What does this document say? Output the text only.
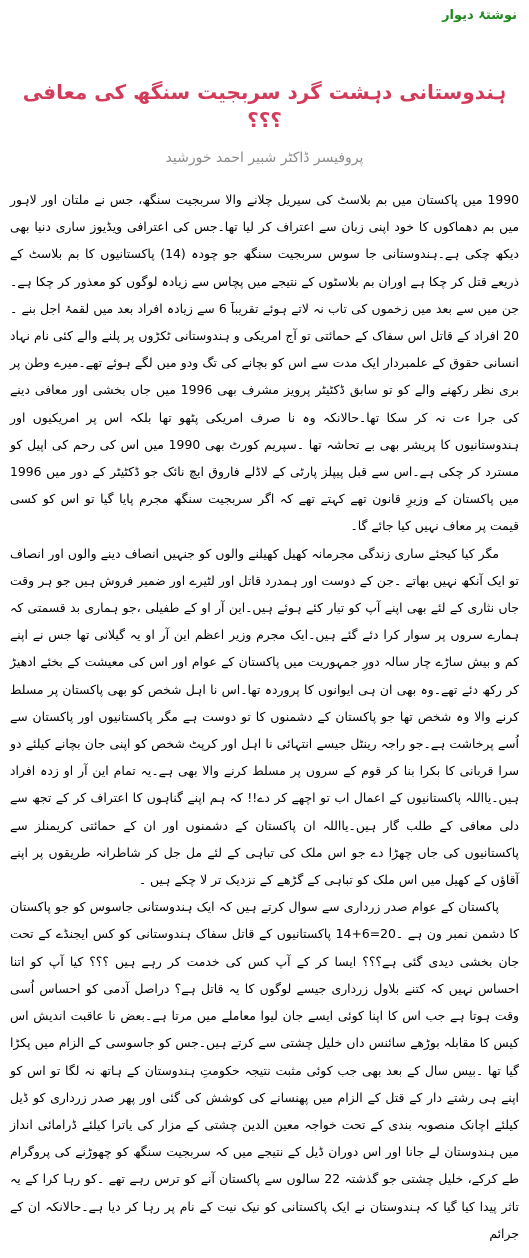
نوشتۂ دیوار
ہندوستانی دہشت گرد سربجیت سنگھ کی معافی ؟؟؟
پروفیسر ڈاکٹر شبیر احمد خورشید

1990 میں پاکستان میں بم بلاسٹ کی سیریل چلانے والا سربجیت سنگھ، جس نے ملتان اور لاہور میں بم دھماکوں کا خود اپنی زبان سے اعتراف کر لیا تھا۔جس کی اعترافی ویڈیوز ساری دنیا بھی دیکھ چکی ہے۔ہندوستانی جا سوس سربجیت سنگھ جو چودہ (14) پاکستانیوں کا بم بلاسٹ کے ذریعے قتل کر چکا ہے اوران بم بلاسٹوں کے نتیجے میں پچاس سے زیادہ لوگوں کو معذور کر چکا ہے۔جن میں سے بعد میں زخموں کی تاب نہ لاتے ہوئے تقریباََ 6 سے زیادہ افراد بعد میں لقمۂ اجل بنے ۔20 افراد کے قاتل اس سفاک کے حمائتی تو آج امریکی و ہندوستانی ٹکڑوں پر پلنے والے کئی نام نہاد انسانی حقوق کے علمبردار ایک مدت سے اس کو بچانے کی تگ ودو میں لگے ہوئے تھے۔میرے وطن پر بری نظر رکھنے والے کو تو سابق ڈکٹیٹر پرویز مشرف بھی 1996 میں جاں بخشی اور معافی دینے کی جرا ءت نہ کر سکا تھا۔حالانکہ وہ نا صرف امریکی پٹھو تھا بلکہ اس پر امریکیوں اور ہندوستانیوں کا پریشر بھی بے تحاشہ تھا ۔سپریم کورٹ بھی 1990 میں اس کی رحم کی اپیل کو مسترد کر چکی ہے۔اس سے قبل پیپلز پارٹی کے لاڈلے فاروق ایچ نائک جو ڈکٹیٹر کے دور میں 1996 میں پاکستان کے وزیرِ قانون تھے کہتے تھے کہ اگر سربجیت سنگھ مجرم پایا گیا تو اس کو کسی قیمت پر معاف نہیں کیا جائے گا۔

مگر کیا کیجئے ساری زندگی مجرمانہ کھیل کھیلنے والوں کو جنہیں انصاف دینے والوں اور انصاف تو ایک آنکھ نہیں بھاتے ۔جن کے دوست اور ہمدرد قاتل اور لٹیرے اور ضمیر فروش ہیں جو ہر وقت جاں نثاری کے لئے بھی اپنے آپ کو تیار کئے ہوئے ہیں۔این آر او کے طفیلی ،جو ہماری بد قسمتی کہ ہمارے سروں پر سوار کرا دئے گئے ہیں۔ایک مجرم وزیر اعظم این آر او یہ گیلانی تھا جس نے اپنے کم و بیش ساڑے چار سالہ دورِ جمہوریت میں پاکستان کے عوام اور اس کی معیشت کے بخئے ادھیڑ کر رکھ دئے تھے۔وہ بھی ان ہی ایوانوں کا پروردہ تھا۔اس نا اہل شخص کو بھی پاکستان پر مسلط کرنے والا وہ شخص تھا جو پاکستان کے دشمنوں کا تو دوست ہے مگر پاکستانیوں اور پاکستان سے اُسے پرخاشت ہے۔جو راجہ رینٹل جیسے انتہائی نا اہل اور کرپٹ شخص کو اپنی جان بچانے کیلئے دو سرا قربانی کا بکرا بنا کر قوم کے سروں پر مسلط کرنے والا بھی ہے۔یہ تمام این آر او زدہ افراد ہیں۔یااللہ پاکستانیوں کے اعمال اب تو اچھے کر دے!! کہ ہم اپنے گناہوں کا اعتراف کر کے تجھ سے دلی معافی کے طلب گار ہیں۔یااللہ ان پاکستان کے دشمنوں اور ان کے حمائتی کریمنلز سے پاکستانیوں کی جاں چھڑا دے جو اس ملک کی تباہی کے لئے مل جل کر شاطرانہ طریقوں پر اپنے آقاؤں کے کھیل میں اس ملک کو تباہی کے گڑھے کے نزدیک تر لا چکے ہیں ۔

پاکستان کے عوام صدر زرداری سے سوال کرتے ہیں کہ ایک ہندوستانی جاسوس کو جو پاکستان کا دشمن نمبر ون ہے ۔20=6+14 پاکستانیوں کے قاتل سفاک ہندوستانی کو کس ایجنڈے کے تحت جان بخشی دیدی گئی ہے؟؟؟ ایسا کر کے آپ کس کی خدمت کر رہے ہیں ؟؟؟ کیا آپ کو اتنا احساس نہیں کہ کتنے بلاول زرداری جیسے لوگوں کا یہ قاتل ہے؟ دراصل آدمی کو احساس اُسی وقت ہوتا ہے جب اس کا اپنا کوئی ایسے جان لیوا معاملے میں مرتا ہے۔بعض نا عاقبت اندیش اس کیس کا مقابلہ بوڑھے سائنس داں خلیل چشتی سے کرتے ہیں۔جس کو جاسوسی کے الزام میں پکڑا گیا تھا ۔بیس سال کے بعد بھی جب کوئی مثبت نتیجہ حکومتِ ہندوستان کے ہاتھ نہ لگا تو اس کو اپنے ہی رشتے دار کے قتل کے الزام میں پھنسانے کی کوشش کی گئی اور پھر صدر زرداری کو ڈیل کیلئے اچانک منصوبہ بندی کے تحت خواجہ معین الدین چشتی کے مزار کی یاترا کیلئے ڈرامائی انداز میں ہندوستان لے جانا اور اس دوران ڈیل کے نتیجے میں کہ سربجیت سنگھ کو چھوڑنے کی پروگرام طے کرکے، خلیل چشتی جو گذشتہ 22 سالوں سے پاکستان آنے کو ترس رہے تھے ۔کو رہا کرا کے یہ تاثر پیدا کیا گیا کہ ہندوستان نے ایک پاکستانی کو نیک نیت کے نام پر رہا کر دیا ہے۔حالانکہ ان کے جرائم
